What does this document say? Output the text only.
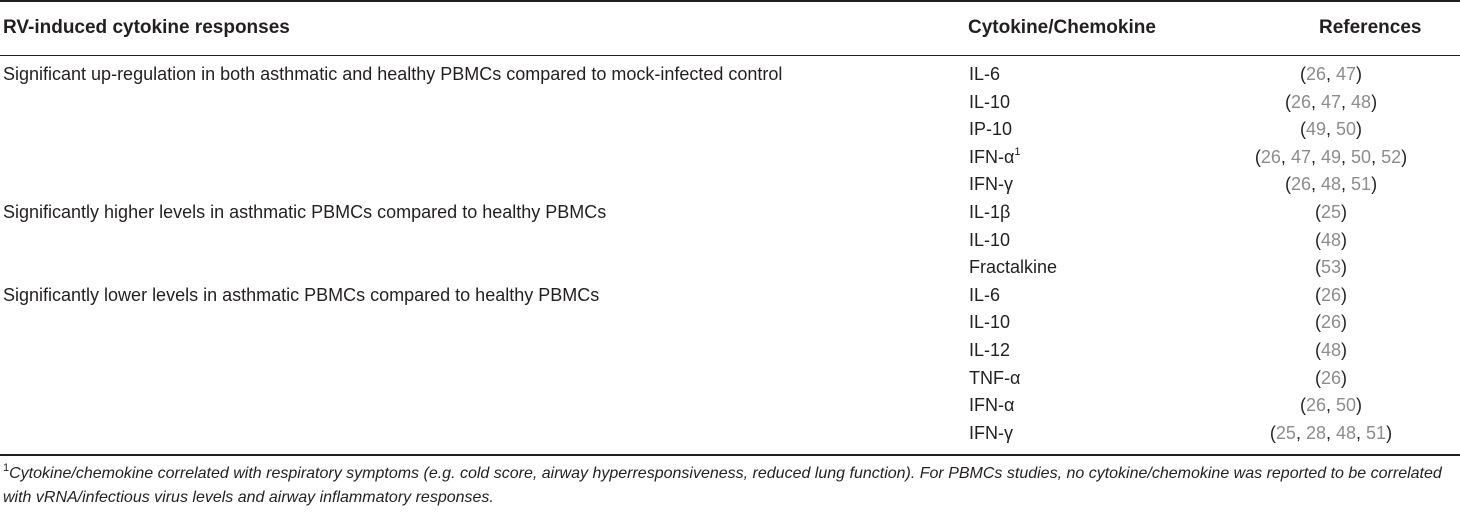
RV-induced cytokine responses	Cytokine/Chemokine	References
Significant up-regulation in both asthmatic and healthy PBMCs compared to mock-infected control	IL-6	(26, 47)
IL-10	(26, 47, 48)
IP-10	(49, 50)
IFN-$\alpha^1$	(26, 47, 49, 50, 52)
IFN-γ	(26, 48, 51)
Significantly higher levels in asthmatic PBMCs compared to healthy PBMCs	IL-1β	(25)
IL-10	(48)
Fractalkine	(53)
Significantly lower levels in asthmatic PBMCs compared to healthy PBMCs	IL-6	(26)
IL-10	(26)
IL-12	(48)
TNF-α	(26)
IFN-α	(26, 50)
IFN-γ	(25, 28, 48, 51)
$^1$Cytokine/chemokine correlated with respiratory symptoms (e.g. cold score, airway hyperresponsiveness, reduced lung function). For PBMCs studies, no cytokine/chemokine was reported to be correlated with vRNA/infectious virus levels and airway inflammatory responses.
